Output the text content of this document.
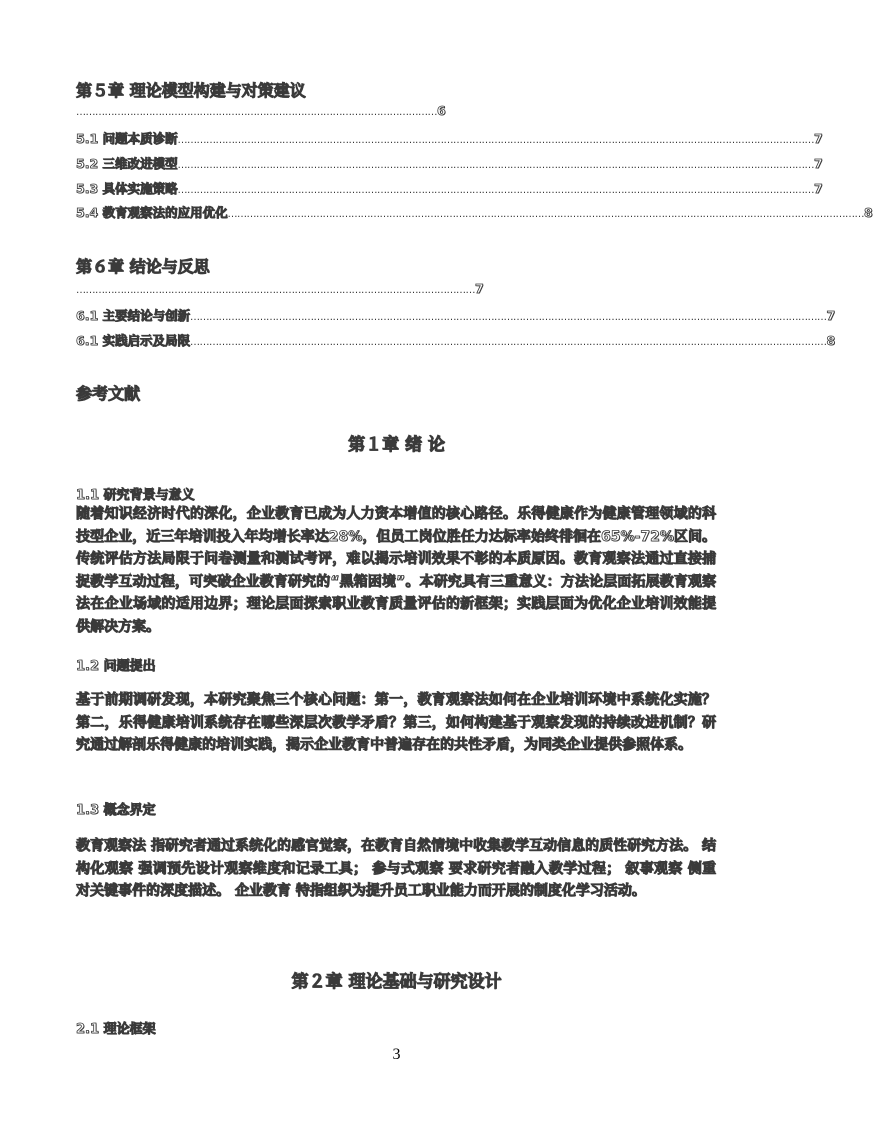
第５章 理论模型构建与对策建议
……………………………………………………………………………………………………6
5.1 问题本质诊断 ………………………………………………………………………………………………………………………………………………………………………………… 7
5.2 三维改进模型 ………………………………………………………………………………………………………………………………………………………………………………… 7
5.3 具体实施策略 ………………………………………………………………………………………………………………………………………………………………………………… 7
5.4 教育观察法的应用优化 ………………………………………………………………………………………………………………………………………………………………………………… 8
第６章 结论与反思
………………………………………………………………………………………………………………7
6.1 主要结论与创新 ………………………………………………………………………………………………………………………………………………………………………………… 7
6.1 实践启示及局限 ………………………………………………………………………………………………………………………………………………………………………………… 8
参考文献
第１章 绪 论
1.1 研究背景与意义
随着知识经济时代的深化，企业教育已成为人力资本增值的核心路径。乐得健康作为健康管理领域的科技型企业，近三年培训投入年均增长率达28%，但员工岗位胜任力达标率始终徘徊在65%-72%区间。传统评估方法局限于问卷测量和测试考评，难以揭示培训效果不彰的本质原因。教育观察法通过直接捕捉教学互动过程，可突破企业教育研究的“黑箱困境”。本研究具有三重意义：方法论层面拓展教育观察法在企业场域的适用边界；理论层面探索职业教育质量评估的新框架；实践层面为优化企业培训效能提供解决方案。
1.2 问题提出
基于前期调研发现，本研究聚焦三个核心问题：第一，教育观察法如何在企业培训环境中系统化实施？第二，乐得健康培训系统存在哪些深层次教学矛盾？第三，如何构建基于观察发现的持续改进机制？研究通过解剖乐得健康的培训实践，揭示企业教育中普遍存在的共性矛盾，为同类企业提供参照体系。
1.3 概念界定
教育观察法 指研究者通过系统化的感官觉察，在教育自然情境中收集教学互动信息的质性研究方法。 结构化观察 强调预先设计观察维度和记录工具； 参与式观察 要求研究者融入教学过程； 叙事观察 侧重对关键事件的深度描述。 企业教育 特指组织为提升员工职业能力而开展的制度化学习活动。
第２章 理论基础与研究设计
2.1 理论框架
3
